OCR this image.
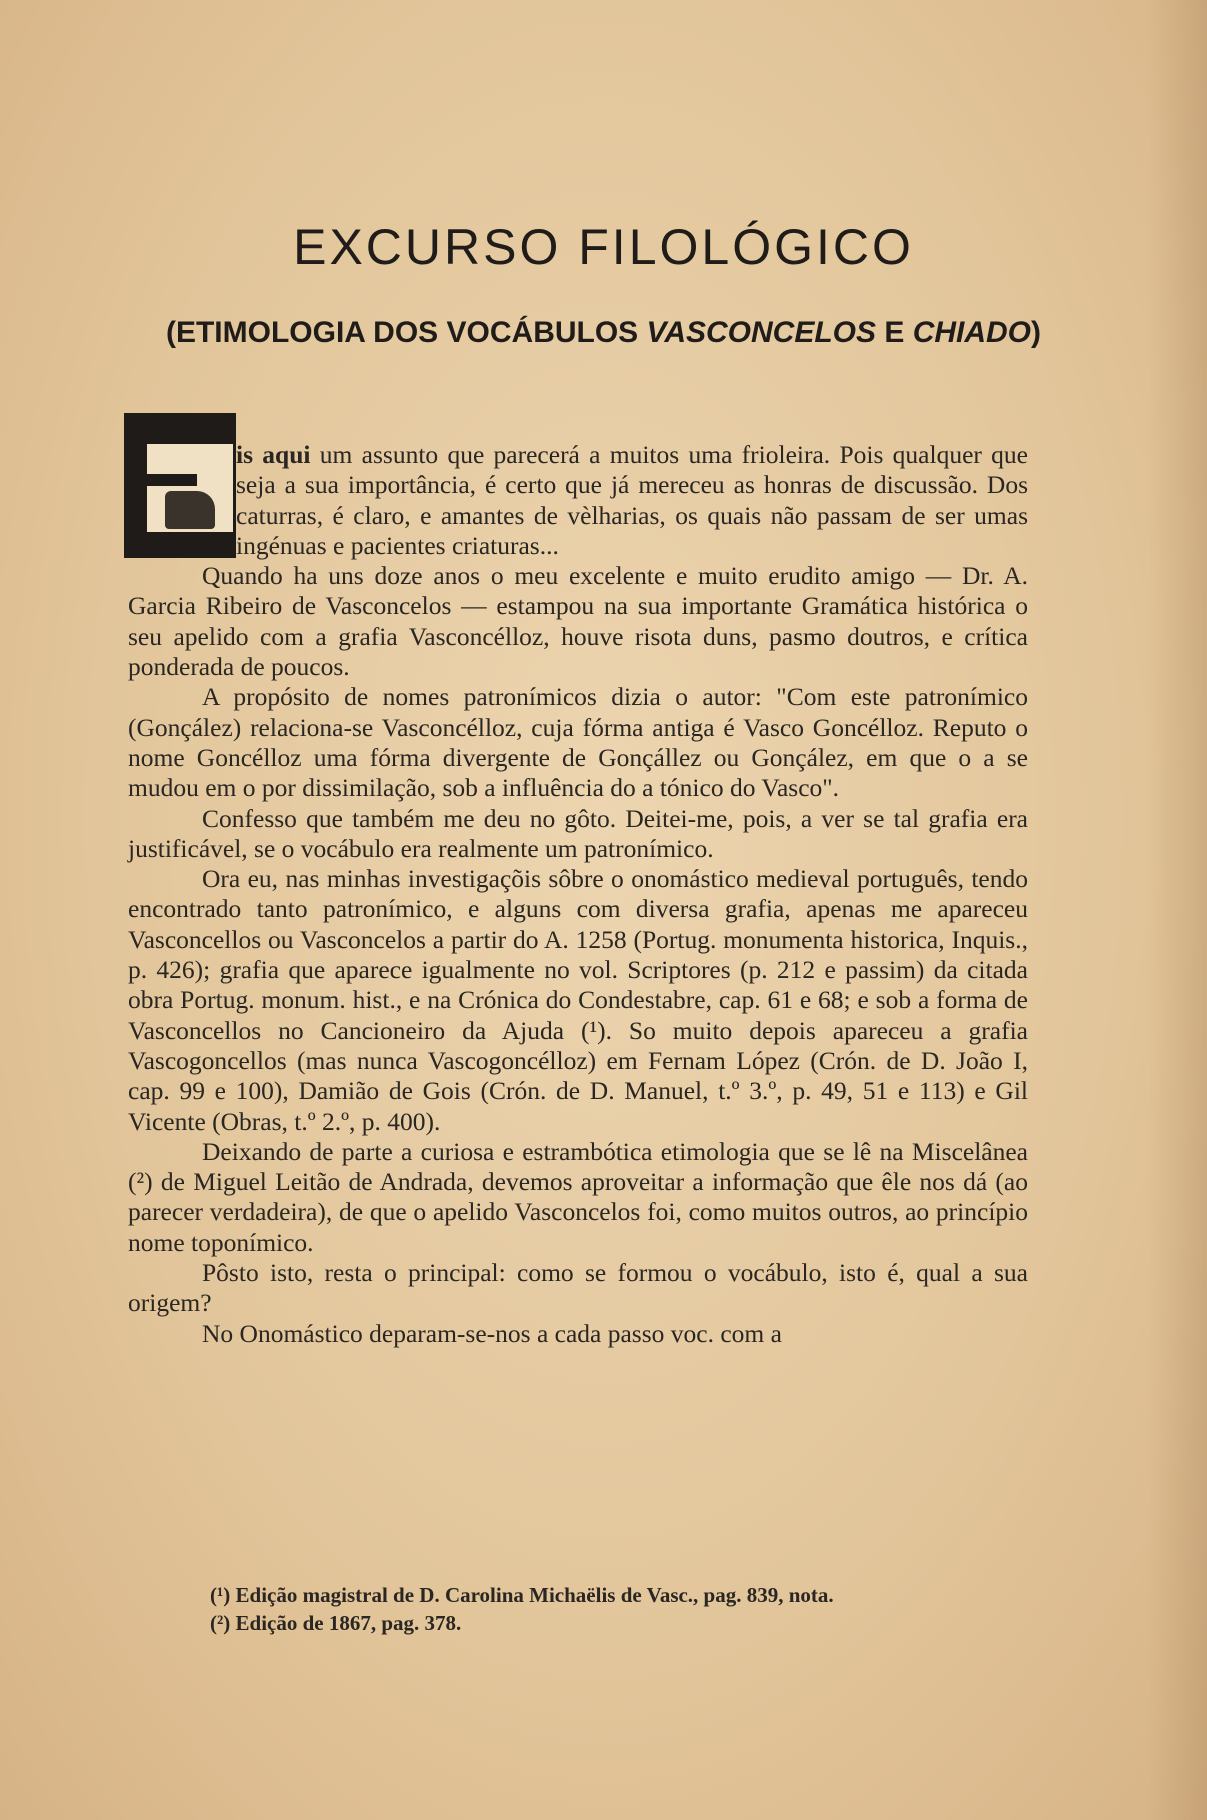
EXCURSO FILOLÓGICO
(ETIMOLOGIA DOS VOCÁBULOS VASCONCELOS E CHIADO)

is aqui um assunto que parecerá a muitos uma frioleira. Pois qualquer que seja a sua importância, é certo que já mereceu as honras de discussão. Dos caturras, é claro, e amantes de vèlharias, os quais não passam de ser umas ingénuas e pacientes criaturas...

Quando ha uns doze anos o meu excelente e muito erudito amigo — Dr. A. Garcia Ribeiro de Vasconcelos — estampou na sua importante Gramática histórica o seu apelido com a grafia Vasconcélloz, houve risota duns, pasmo doutros, e crítica ponderada de poucos.

A propósito de nomes patronímicos dizia o autor: "Com este patronímico (Gonçález) relaciona-se Vasconcélloz, cuja fórma antiga é Vasco Goncélloz. Reputo o nome Goncélloz uma fórma divergente de Gonçállez ou Gonçález, em que o a se mudou em o por dissimilação, sob a influência do a tónico do Vasco".

Confesso que também me deu no gôto. Deitei-me, pois, a ver se tal grafia era justificável, se o vocábulo era realmente um patronímico.

Ora eu, nas minhas investigaçõis sôbre o onomástico medieval português, tendo encontrado tanto patronímico, e alguns com diversa grafia, apenas me apareceu Vasconcellos ou Vasconcelos a partir do A. 1258 (Portug. monumenta historica, Inquis., p. 426); grafia que aparece igualmente no vol. Scriptores (p. 212 e passim) da citada obra Portug. monum. hist., e na Crónica do Condestabre, cap. 61 e 68; e sob a forma de Vasconcellos no Cancioneiro da Ajuda (¹). So muito depois apareceu a grafia Vascogoncellos (mas nunca Vascogoncélloz) em Fernam López (Crón. de D. João I, cap. 99 e 100), Damião de Gois (Crón. de D. Manuel, t.º 3.º, p. 49, 51 e 113) e Gil Vicente (Obras, t.º 2.º, p. 400).

Deixando de parte a curiosa e estrambótica etimologia que se lê na Miscelânea (²) de Miguel Leitão de Andrada, devemos aproveitar a informação que êle nos dá (ao parecer verdadeira), de que o apelido Vasconcelos foi, como muitos outros, ao princípio nome toponímico.

Pôsto isto, resta o principal: como se formou o vocábulo, isto é, qual a sua origem?

No Onomástico deparam-se-nos a cada passo voc. com a

(¹) Edição magistral de D. Carolina Michaëlis de Vasc., pag. 839, nota.
(²) Edição de 1867, pag. 378.
